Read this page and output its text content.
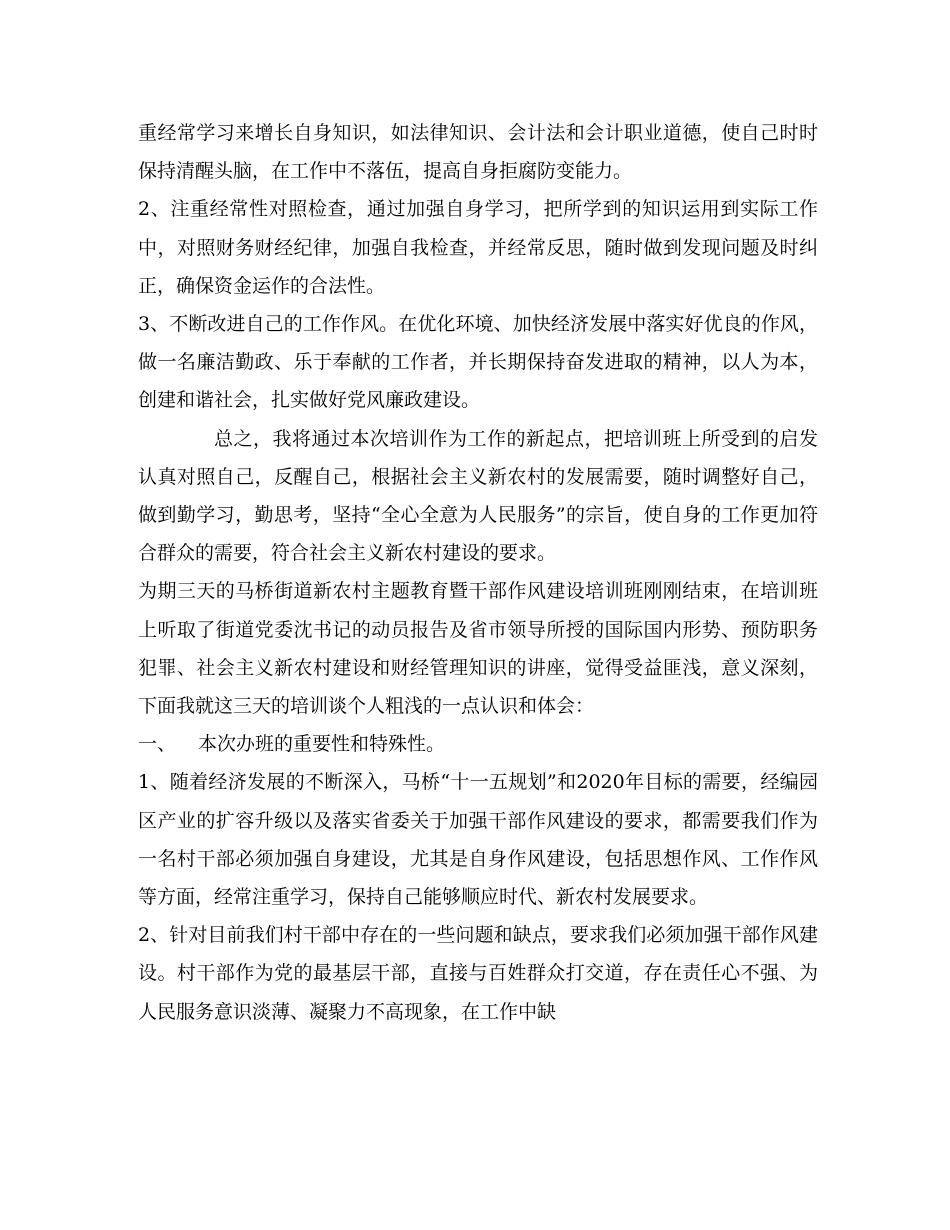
重经常学习来增长自身知识，如法律知识、会计法和会计职业道德，使自己时时保持清醒头脑，在工作中不落伍，提高自身拒腐防变能力。

2、注重经常性对照检查，通过加强自身学习，把所学到的知识运用到实际工作中，对照财务财经纪律，加强自我检查，并经常反思，随时做到发现问题及时纠正，确保资金运作的合法性。

3、不断改进自己的工作作风。在优化环境、加快经济发展中落实好优良的作风，做一名廉洁勤政、乐于奉献的工作者，并长期保持奋发进取的精神，以人为本，创建和谐社会，扎实做好党风廉政建设。

总之，我将通过本次培训作为工作的新起点，把培训班上所受到的启发认真对照自己，反醒自己，根据社会主义新农村的发展需要，随时调整好自己，做到勤学习，勤思考，坚持“全心全意为人民服务”的宗旨，使自身的工作更加符合群众的需要，符合社会主义新农村建设的要求。

为期三天的马桥街道新农村主题教育暨干部作风建设培训班刚刚结束，在培训班上听取了街道党委沈书记的动员报告及省市领导所授的国际国内形势、预防职务犯罪、社会主义新农村建设和财经管理知识的讲座，觉得受益匪浅，意义深刻，下面我就这三天的培训谈个人粗浅的一点认识和体会：

一、 本次办班的重要性和特殊性。

1、随着经济发展的不断深入，马桥“十一五规划”和2020年目标的需要，经编园区产业的扩容升级以及落实省委关于加强干部作风建设的要求，都需要我们作为一名村干部必须加强自身建设，尤其是自身作风建设，包括思想作风、工作作风等方面，经常注重学习，保持自己能够顺应时代、新农村发展要求。

2、针对目前我们村干部中存在的一些问题和缺点，要求我们必须加强干部作风建设。村干部作为党的最基层干部，直接与百姓群众打交道，存在责任心不强、为人民服务意识淡薄、凝聚力不高现象，在工作中缺
